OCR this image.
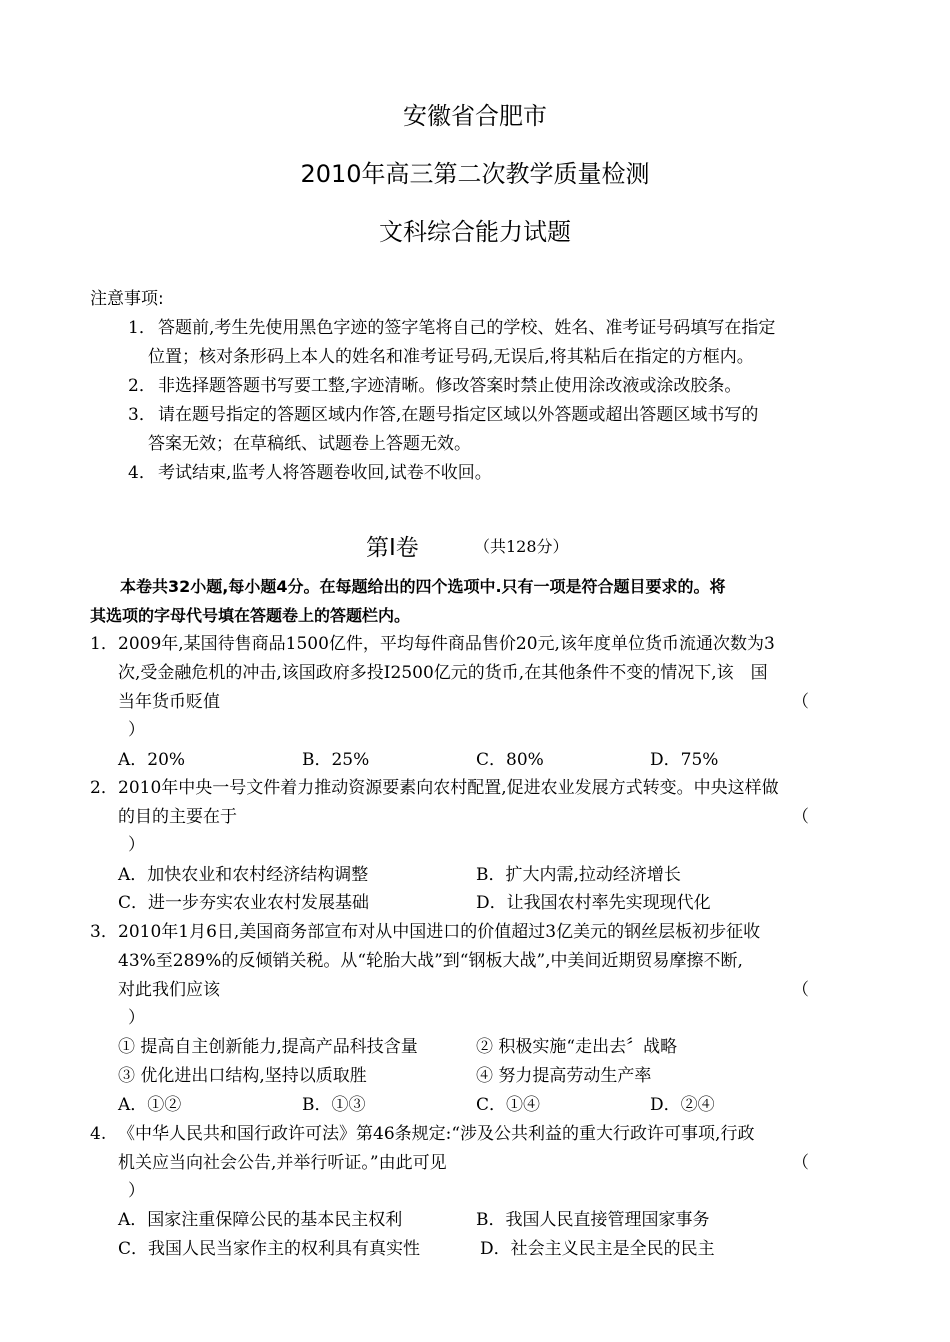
安徽省合肥市
2010年高三第二次教学质量检测
文科综合能力试题
注意事项:
1． 答题前,考生先使用黑色字迹的签字笔将自己的学校、姓名、准考证号码填写在指定
位置；核对条形码上本人的姓名和准考证号码,无误后,将其粘后在指定的方框内。
2． 非选择题答题书写要工整,字迹清晰。修改答案时禁止使用涂改液或涂改胶条。
3． 请在题号指定的答题区域内作答,在题号指定区域以外答题或超出答题区域书写的
答案无效；在草稿纸、试题卷上答题无效。
4． 考试结束,监考人将答题卷收回,试卷不收回。
第Ⅰ卷	（共128分）
本卷共32小题,每小题4分。在每题给出的四个选项中.只有一项是符合题目要求的。将
其选项的字母代号填在答题卷上的答题栏内。
1． 2009年,某国待售商品1500亿件，平均每件商品售价20元,该年度单位货币流通次数为3
次,受金融危机的冲击,该国政府多投I2500亿元的货币,在其他条件不变的情况下,该　国
当年货币贬值	（
）
A．20%	B．25%	C．80%	D．75%
2． 2010年中央一号文件着力推动资源要素向农村配置,促进农业发展方式转变。中央这样做
的目的主要在于	（
）
A．加快农业和农村经济结构调整	B．扩大内需,拉动经济增长
C．进一步夯实农业农村发展基础	D．让我国农村率先实现现代化
3． 2010年1月6日,美国商务部宣布对从中国进口的价值超过3亿美元的钢丝层板初步征收
43%至289%的反倾销关税。从“轮胎大战”到“钢板大战”,中美间近期贸易摩擦不断,
对此我们应该	（
）
① 提高自主创新能力,提高产品科技含量	② 积极实施“走出去〞战略
③ 优化进出口结构,坚持以质取胜	④ 努力提高劳动生产率
A．①②	B．①③	C．①④	D．②④
4. 《中华人民共和国行政许可法》第46条规定:“涉及公共利益的重大行政许可事项,行政
机关应当向社会公告,并举行听证。”由此可见	（
）
A．国家注重保障公民的基本民主权利	B．我国人民直接管理国家事务
C．我国人民当家作主的权利具有真实性	D．社会主义民主是全民的民主
